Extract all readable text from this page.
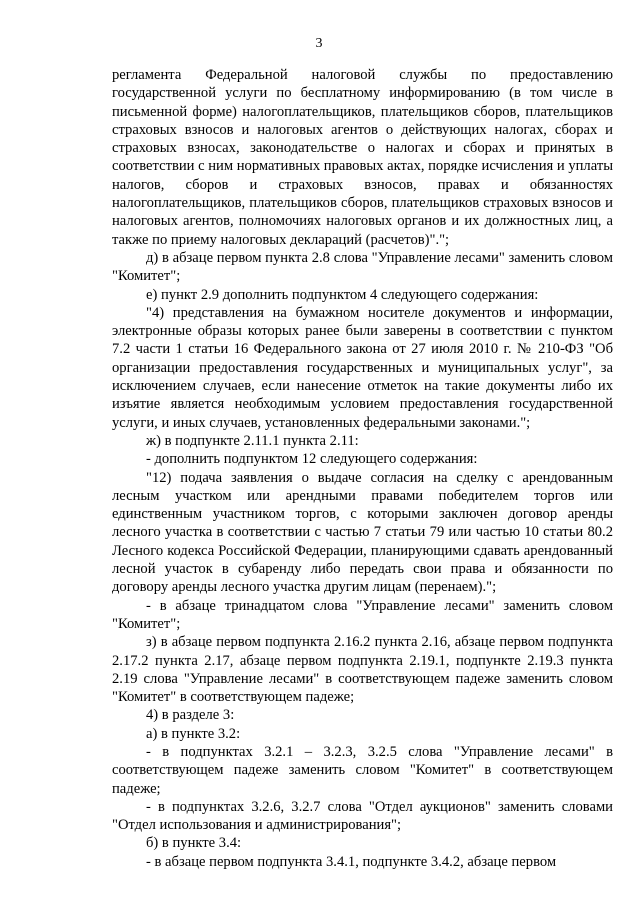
3

регламента Федеральной налоговой службы по предоставлению государственной услуги по бесплатному информированию (в том числе в письменной форме) налогоплательщиков, плательщиков сборов, плательщиков страховых взносов и налоговых агентов о действующих налогах, сборах и страховых взносах, законодательстве о налогах и сборах и принятых в соответствии с ним нормативных правовых актах, порядке исчисления и уплаты налогов, сборов и страховых взносов, правах и обязанностях налогоплательщиков, плательщиков сборов, плательщиков страховых взносов и налоговых агентов, полномочиях налоговых органов и их должностных лиц, а также по приему налоговых деклараций (расчетов)".";

д) в абзаце первом пункта 2.8 слова "Управление лесами" заменить словом "Комитет";

е) пункт 2.9 дополнить подпунктом 4 следующего содержания:

"4) представления на бумажном носителе документов и информации, электронные образы которых ранее были заверены в соответствии с пунктом 7.2 части 1 статьи 16 Федерального закона от 27 июля 2010 г. № 210-ФЗ "Об организации предоставления государственных и муниципальных услуг", за исключением случаев, если нанесение отметок на такие документы либо их изъятие является необходимым условием предоставления государственной услуги, и иных случаев, установленных федеральными законами.";

ж) в подпункте 2.11.1 пункта 2.11:

- дополнить подпунктом 12 следующего содержания:

"12) подача заявления о выдаче согласия на сделку с арендованным лесным участком или арендными правами победителем торгов или единственным участником торгов, с которыми заключен договор аренды лесного участка в соответствии с частью 7 статьи 79 или частью 10 статьи 80.2 Лесного кодекса Российской Федерации, планирующими сдавать арендованный лесной участок в субаренду либо передать свои права и обязанности по договору аренды лесного участка другим лицам (перенаем).";

- в абзаце тринадцатом слова "Управление лесами" заменить словом "Комитет";

з) в абзаце первом подпункта 2.16.2 пункта 2.16, абзаце первом подпункта 2.17.2 пункта 2.17, абзаце первом подпункта 2.19.1, подпункте 2.19.3 пункта 2.19 слова "Управление лесами" в соответствующем падеже заменить словом "Комитет" в соответствующем падеже;

4) в разделе 3:

а) в пункте 3.2:

- в подпунктах 3.2.1 – 3.2.3, 3.2.5 слова "Управление лесами" в соответствующем падеже заменить словом "Комитет" в соответствующем падеже;

- в подпунктах 3.2.6, 3.2.7 слова "Отдел аукционов" заменить словами "Отдел использования и администрирования";

б) в пункте 3.4:

- в абзаце первом подпункта 3.4.1, подпункте 3.4.2, абзаце первом
